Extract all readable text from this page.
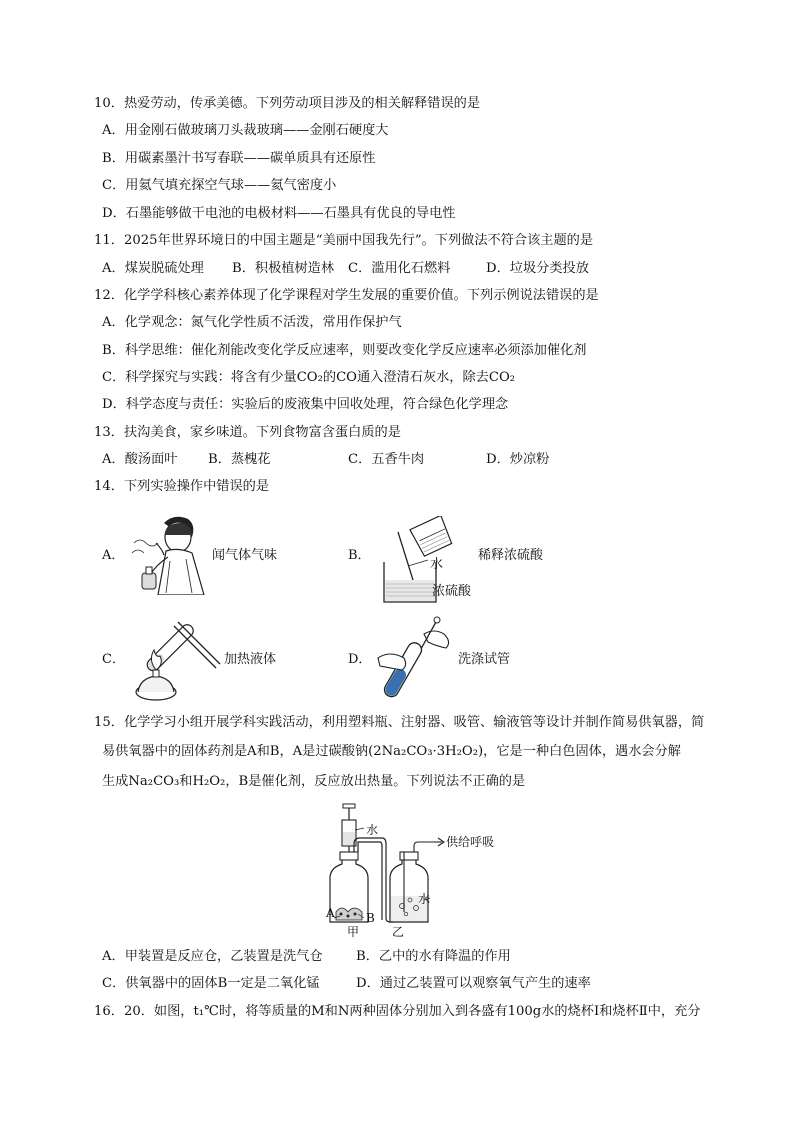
10．热爱劳动，传承美德。下列劳动项目涉及的相关解释错误的是
A．用金刚石做玻璃刀头裁玻璃——金刚石硬度大
B．用碳素墨汁书写春联——碳单质具有还原性
C．用氦气填充探空气球——氦气密度小
D．石墨能够做干电池的电极材料——石墨具有优良的导电性
11．2025年世界环境日的中国主题是“美丽中国我先行”。下列做法不符合该主题的是
A．煤炭脱硫处理 B．积极植树造林 C．滥用化石燃料	D．垃圾分类投放
12．化学学科核心素养体现了化学课程对学生发展的重要价值。下列示例说法错误的是
A．化学观念：氮气化学性质不活泼，常用作保护气
B．科学思维：催化剂能改变化学反应速率，则要改变化学反应速率必须添加催化剂
C．科学探究与实践：将含有少量CO₂的CO通入澄清石灰水，除去CO₂
D．科学态度与责任：实验后的废液集中回收处理，符合绿色化学理念
13．扶沟美食，家乡味道。下列食物富含蛋白质的是
A．酸汤面叶 B．蒸槐花	C．五香牛肉	D．炒凉粉
14．下列实验操作中错误的是
A．	闻气体气味	B．
水
浓硫酸
稀释浓硫酸
C．	加热液体	D．	洗涤试管
15．化学学习小组开展学科实践活动，利用塑料瓶、注射器、吸管、输液管等设计并制作简易供氧器，简
易供氧器中的固体药剂是A和B，A是过碳酸钠(2Na₂CO₃·3H₂O₂)，它是一种白色固体，遇水会分解
生成Na₂CO₃和H₂O₂，B是催化剂，反应放出热量。下列说法不正确的是
水
供给呼吸
水
A	B
甲	乙
A．甲装置是反应仓，乙装置是洗气仓	B．乙中的水有降温的作用
C．供氧器中的固体B一定是二氧化锰	D．通过乙装置可以观察氧气产生的速率
16．20．如图，t₁℃时，将等质量的M和N两种固体分别加入到各盛有100g水的烧杯Ⅰ和烧杯Ⅱ中，充分
